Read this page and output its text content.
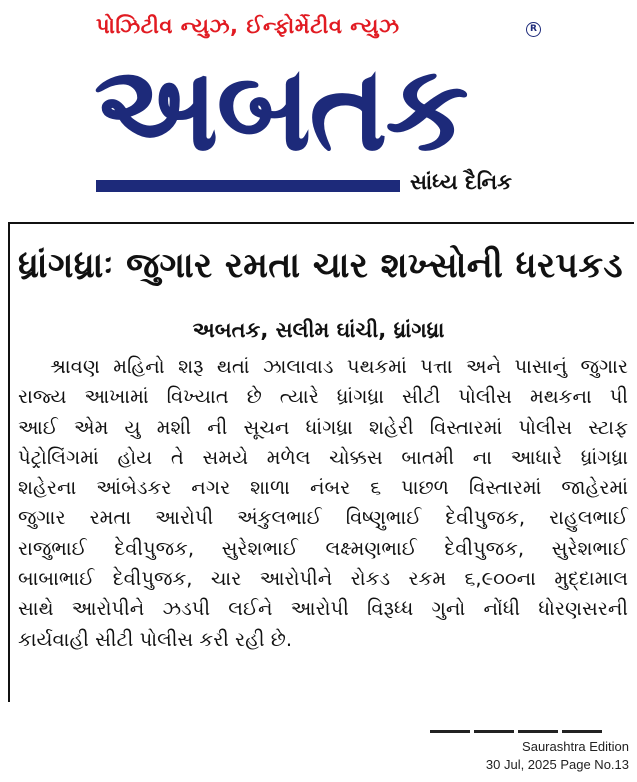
પોઝિટીવ ન્યુઝ, ઈન્ફોર્મેટીવ ન્યુઝ	R
અબતક
સાંધ્ય દૈનિક
ધ્રાંગધ્રાઃ જુગાર રમતા ચાર શખ્સોની ધરપકડ
અબતક, સલીમ ઘાંચી, ધ્રાંગધ્રા
શ્રાવણ મહિનો શરૂ થતાં ઝાલાવાડ પથકમાં પત્તા અને પાસાનું જુગાર
રાજ્ય આખામાં વિખ્યાત છે ત્યારે ધ્રાંગધ્રા સીટી પોલીસ મથકના પી
આઈ એમ યુ મશી ની સૂચન ધાંગધ્રા શહેરી વિસ્તારમાં પોલીસ સ્ટાફ
પેટ્રોલિંગમાં હોય તે સમયે મળેલ ચોક્કસ બાતમી ના આધારે ધ્રાંગધ્રા
શહેરના આંબેડકર નગર શાળા નંબર ૬ પાછળ વિસ્તારમાં જાહેરમાં
જુગાર રમતા આરોપી અંકુલભાઈ વિષ્ણુભાઈ દેવીપુજક, રાહુલભાઈ
રાજુભાઈ દેવીપુજક, સુરેશભાઈ લક્ષ્મણભાઈ દેવીપુજક, સુરેશભાઈ
બાબાભાઈ દેવીપુજક, ચાર આરોપીને રોકડ રકમ ૬,૯૦૦ના મુદ્દામાલ
સાથે આરોપીને ઝડપી લઈને આરોપી વિરૂધ્ધ ગુનો નોંધી ધોરણસરની
કાર્યવાહી સીટી પોલીસ કરી રહી છે.
Saurashtra Edition
30 Jul, 2025 Page No.13
